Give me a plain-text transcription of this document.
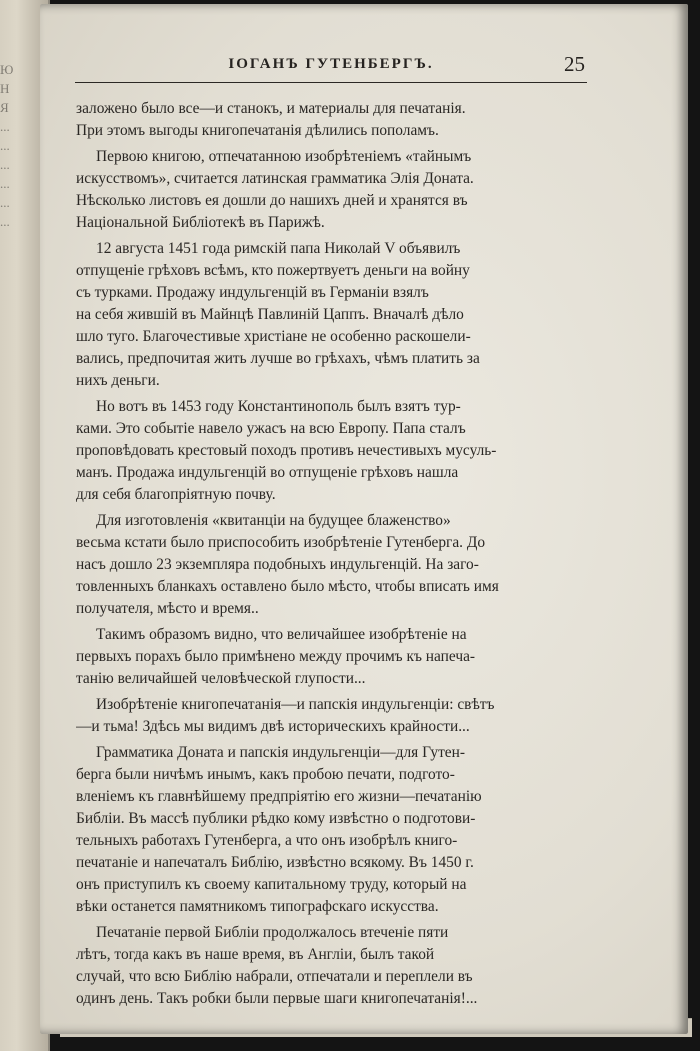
ЮНЯ ... ... ... ... ... ...
ІОГАНЪ ГУТЕНБЕРГЪ.	25
заложено было все—и станокъ, и материалы для печатанія.
При этомъ выгоды книгопечатанія дѣлились пополамъ.
Первою книгою, отпечатанною изобрѣтеніемъ «тайнымъ
искусствомъ», считается латинская грамматика Элія Доната.
Нѣсколько листовъ ея дошли до нашихъ дней и хранятся въ
Національной Библіотекѣ въ Парижѣ.
12 августа 1451 года римскій папа Николай V объявилъ
отпущеніе грѣховъ всѣмъ, кто пожертвуетъ деньги на войну
съ турками. Продажу индульгенцій въ Германіи взялъ
на себя жившій въ Майнцѣ Павлиній Цаппъ. Вначалѣ дѣло
шло туго. Благочестивые христіане не особенно раскошели-
вались, предпочитая жить лучше во грѣхахъ, чѣмъ платить за
нихъ деньги.
Но вотъ въ 1453 году Константинополь былъ взятъ тур-
ками. Это событіе навело ужасъ на всю Европу. Папа сталъ
проповѣдовать крестовый походъ противъ нечестивыхъ мусуль-
манъ. Продажа индульгенцій во отпущеніе грѣховъ нашла
для себя благопріятную почву.
Для изготовленія «квитанціи на будущее блаженство»
весьма кстати было приспособить изобрѣтеніе Гутенберга. До
насъ дошло 23 экземпляра подобныхъ индульгенцій. На заго-
товленныхъ бланкахъ оставлено было мѣсто, чтобы вписать имя
получателя, мѣсто и время..
Такимъ образомъ видно, что величайшее изобрѣтеніе на
первыхъ порахъ было примѣнено между прочимъ къ напеча-
танію величайшей человѣческой глупости...
Изобрѣтеніе книгопечатанія—и папскія индульгенціи: свѣтъ
—и тьма! Здѣсь мы видимъ двѣ историческихъ крайности...
Грамматика Доната и папскія индульгенціи—для Гутен-
берга были ничѣмъ инымъ, какъ пробою печати, подгото-
вленіемъ къ главнѣйшему предпріятію его жизни—печатанію
Библіи. Въ массѣ публики рѣдко кому извѣстно о подготови-
тельныхъ работахъ Гутенберга, а что онъ изобрѣлъ книго-
печатаніе и напечаталъ Библію, извѣстно всякому. Въ 1450 г.
онъ приступилъ къ своему капитальному труду, который на
вѣки останется памятникомъ типографскаго искусства.
Печатаніе первой Библіи продолжалось втеченіе пяти
лѣтъ, тогда какъ въ наше время, въ Англіи, былъ такой
случай, что всю Библію набрали, отпечатали и переплели въ
одинъ день. Такъ робки были первые шаги книгопечатанія!...
